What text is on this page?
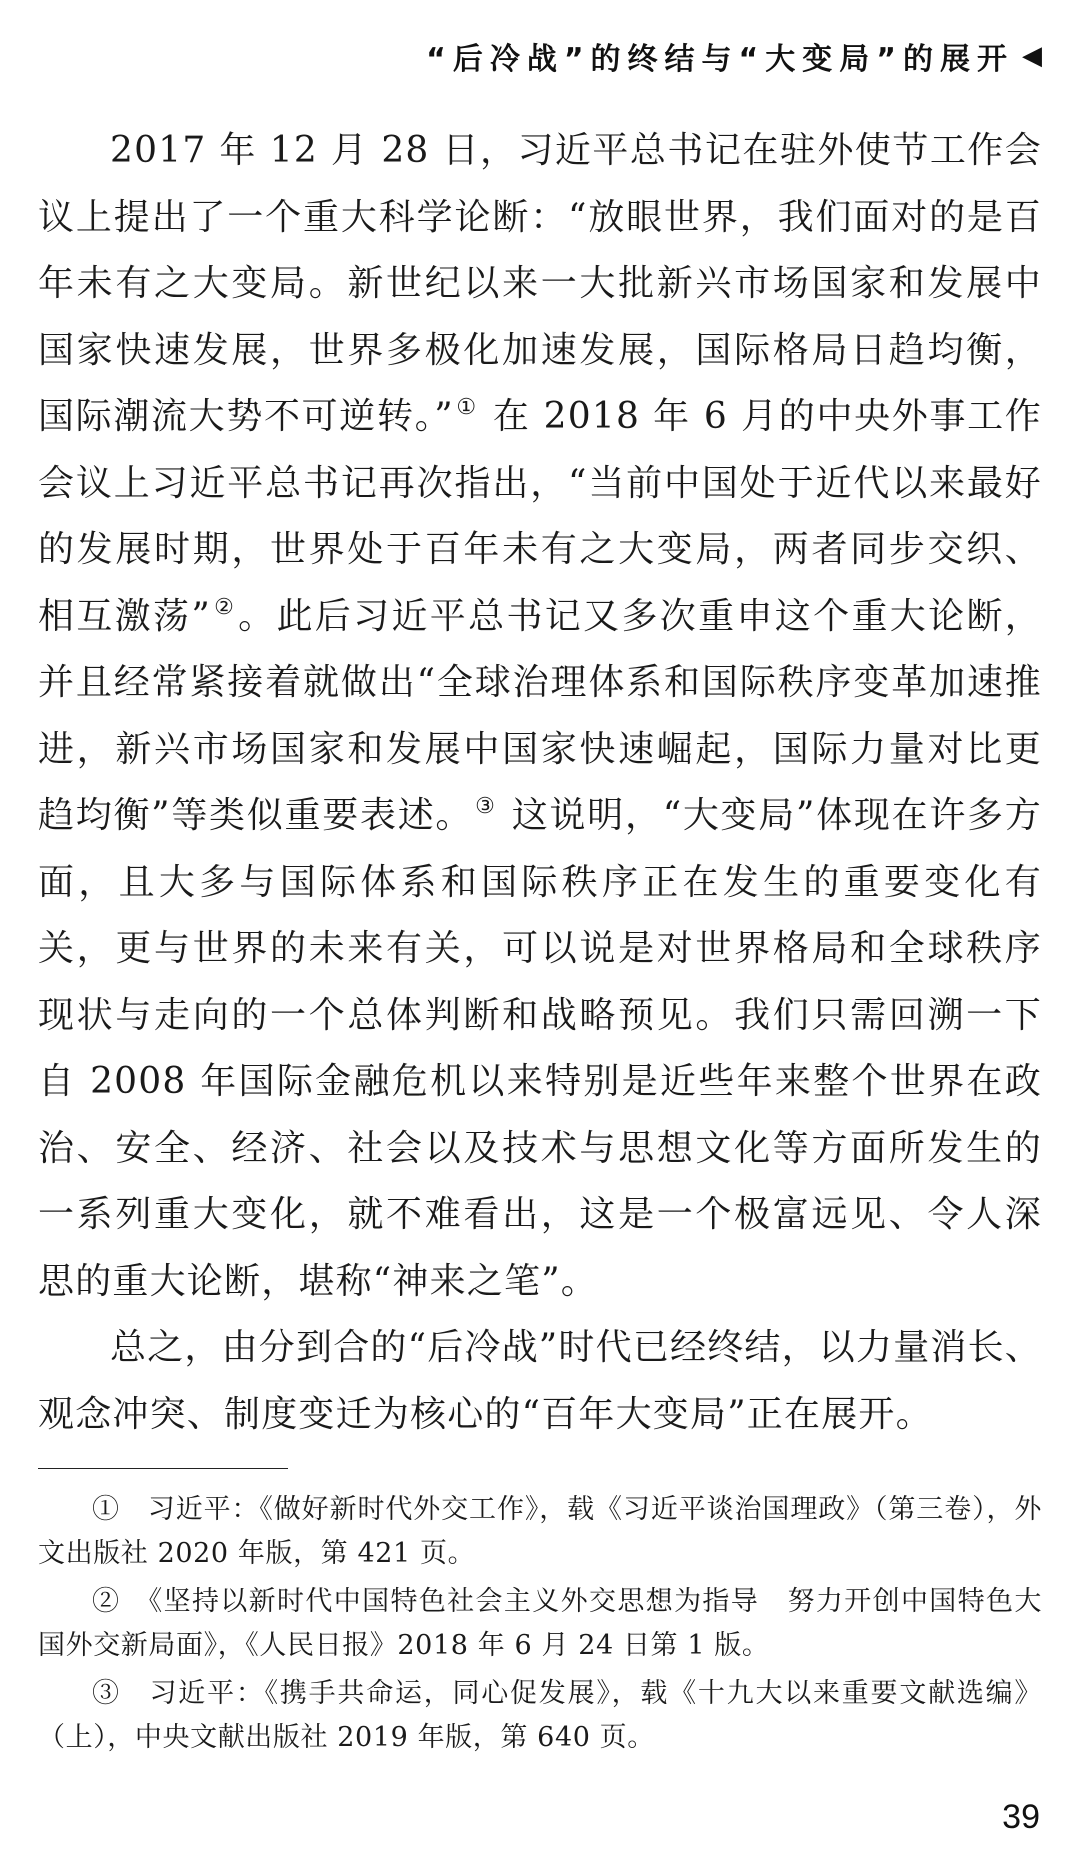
“后冷战”的终结与“大变局”的展开 ◀

2017 年 12 月 28 日，习近平总书记在驻外使节工作会议上提出了一个重大科学论断：“放眼世界，我们面对的是百年未有之大变局。新世纪以来一大批新兴市场国家和发展中国家快速发展，世界多极化加速发展，国际格局日趋均衡，国际潮流大势不可逆转。”① 在 2018 年 6 月的中央外事工作会议上习近平总书记再次指出，“当前中国处于近代以来最好的发展时期，世界处于百年未有之大变局，两者同步交织、相互激荡”②。此后习近平总书记又多次重申这个重大论断，并且经常紧接着就做出“全球治理体系和国际秩序变革加速推进，新兴市场国家和发展中国家快速崛起，国际力量对比更趋均衡”等类似重要表述。③ 这说明，“大变局”体现在许多方面，且大多与国际体系和国际秩序正在发生的重要变化有关，更与世界的未来有关，可以说是对世界格局和全球秩序现状与走向的一个总体判断和战略预见。我们只需回溯一下自 2008 年国际金融危机以来特别是近些年来整个世界在政治、安全、经济、社会以及技术与思想文化等方面所发生的一系列重大变化，就不难看出，这是一个极富远见、令人深思的重大论断，堪称“神来之笔”。

总之，由分到合的“后冷战”时代已经终结，以力量消长、观念冲突、制度变迁为核心的“百年大变局”正在展开。

①　习近平：《做好新时代外交工作》，载《习近平谈治国理政》（第三卷），外文出版社 2020 年版，第 421 页。

②　《坚持以新时代中国特色社会主义外交思想为指导　努力开创中国特色大国外交新局面》，《人民日报》2018 年 6 月 24 日第 1 版。

③　习近平：《携手共命运，同心促发展》，载《十九大以来重要文献选编》（上），中央文献出版社 2019 年版，第 640 页。

39
